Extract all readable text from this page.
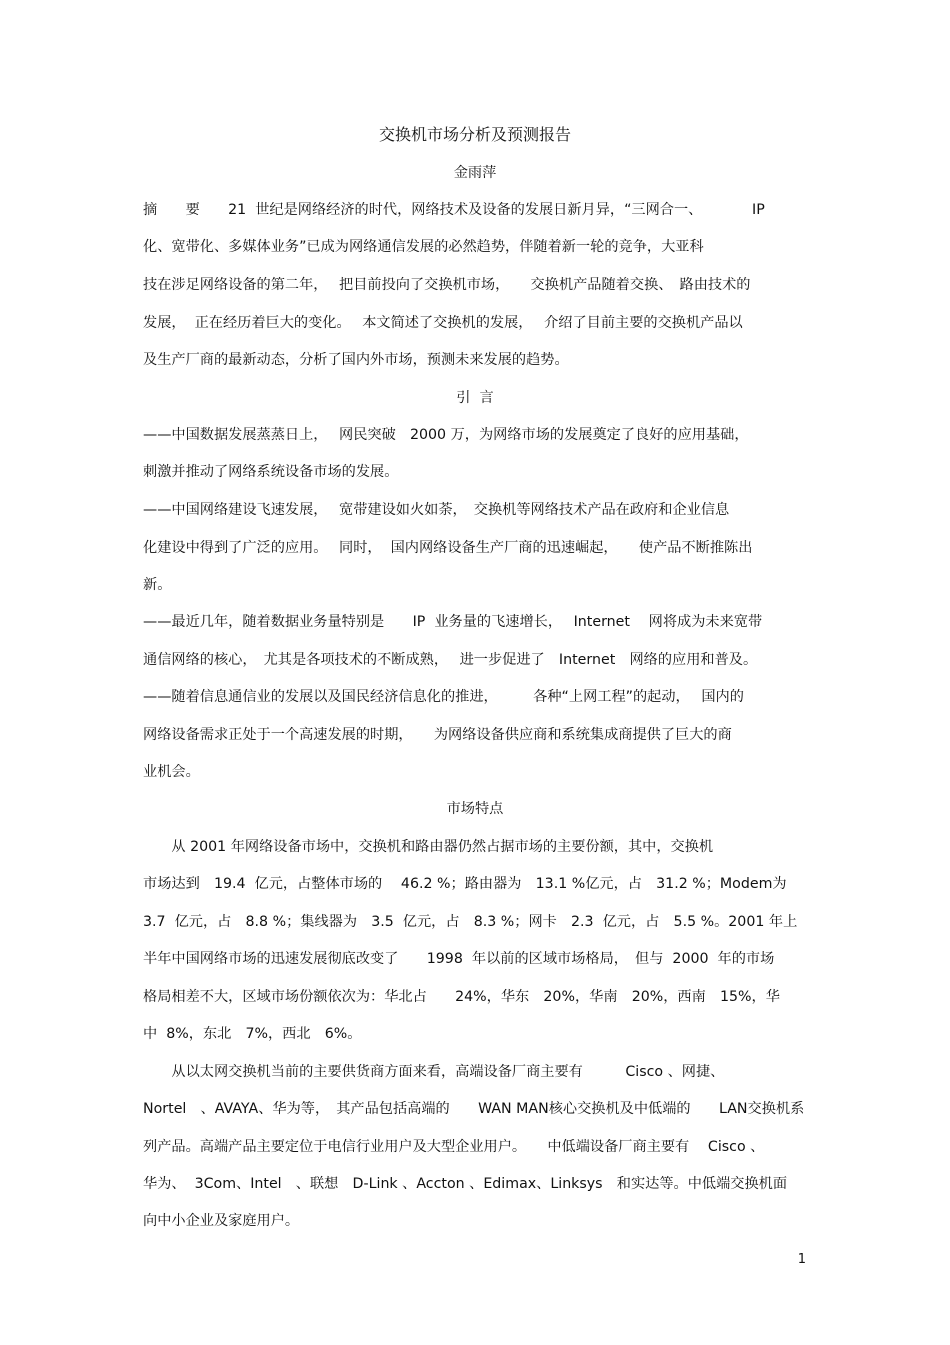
交换机市场分析及预测报告
金雨萍
摘　　要　　21  世纪是网络经济的时代，网络技术及设备的发展日新月异，“三网合一、　　　　IP
化、宽带化、多媒体业务”已成为网络通信发展的必然趋势，伴随着新一轮的竞争，大亚科
技在涉足网络设备的第二年，　 把目前投向了交换机市场，　　交换机产品随着交换、　路由技术的
发展，  正在经历着巨大的变化。　 本文简述了交换机的发展，　 介绍了目前主要的交换机产品以
及生产厂商的最新动态，分析了国内外市场，预测未来发展的趋势。
引  言
——中国数据发展蒸蒸日上，　 网民突破　2000 万，为网络市场的发展奠定了良好的应用基础，
刺激并推动了网络系统设备市场的发展。
——中国网络建设飞速发展，　 宽带建设如火如荼，　交换机等网络技术产品在政府和企业信息
化建设中得到了广泛的应用。　 同时，  国内网络设备生产厂商的迅速崛起，　　使产品不断推陈出
新。
——最近几年，随着数据业务量特别是　　IP  业务量的飞速增长，　 Internet　 网将成为未来宽带
通信网络的核心，　尤其是各项技术的不断成熟，　 进一步促进了　Internet　网络的应用和普及。
——随着信息通信业的发展以及国民经济信息化的推进，　　　各种“上网工程”的起动，　 国内的
网络设备需求正处于一个高速发展的时期，　　为网络设备供应商和系统集成商提供了巨大的商
业机会。
市场特点
　　从 2001 年网络设备市场中，交换机和路由器仍然占据市场的主要份额，其中，交换机
市场达到　19.4  亿元，占整体市场的　 46.2 %；路由器为　13.1 %亿元，占　31.2 %；Modem为
3.7  亿元，占　8.8 %；集线器为　3.5  亿元，占　8.3 %；网卡　2.3  亿元，占　5.5 %。2001 年上
半年中国网络市场的迅速发展彻底改变了　　1998  年以前的区域市场格局，　但与  2000  年的市场
格局相差不大，区域市场份额依次为：华北占　　24%，华东　20%，华南　20%，西南　15%，华
中  8%，东北　7%，西北　6%。
　　从以太网交换机当前的主要供货商方面来看，高端设备厂商主要有　　　Cisco 、网捷、
Nortel　、AVAYA、华为等，　其产品包括高端的　　WAN MAN核心交换机及中低端的　　LAN交换机系
列产品。高端产品主要定位于电信行业用户及大型企业用户。　　中低端设备厂商主要有　 Cisco 、
华为、  3Com、Intel　、联想　D-Link 、Accton 、Edimax、Linksys　和实达等。中低端交换机面
向中小企业及家庭用户。
1
